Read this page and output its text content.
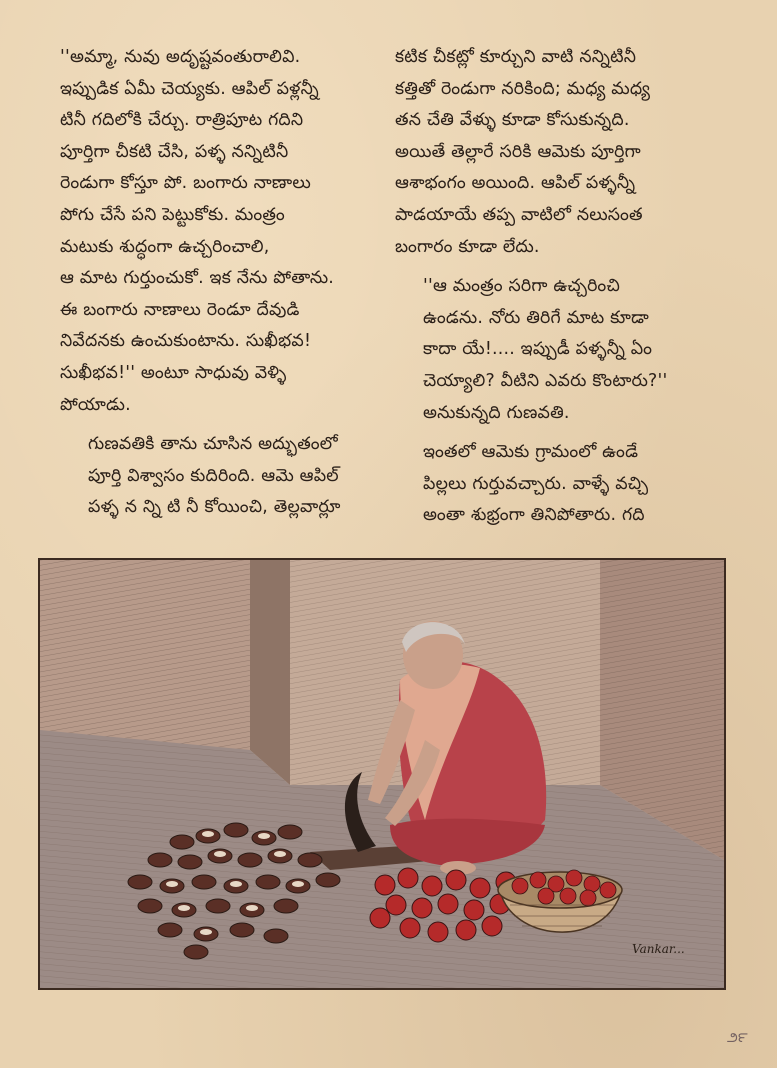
''అమ్మా, నువు అదృష్టవంతురాలివి.
ఇప్పుడిక ఏమీ చెయ్యకు. ఆపిల్ పళ్లన్నీ
టినీ గదిలోకి చేర్చు. రాత్రిపూట గదిని
పూర్తిగా చీకటి చేసి, పళ్ళ నన్నిటినీ
రెండుగా కోస్తూ పో. బంగారు నాణాలు
పోగు చేసే పని పెట్టుకోకు. మంత్రం
మటుకు శుద్ధంగా ఉచ్చరించాలి,
ఆ మాట గుర్తుంచుకో. ఇక నేను పోతాను.
ఈ బంగారు నాణాలు రెండూ దేవుడి
నివేదనకు ఉంచుకుంటాను. సుఖీభవ!
సుఖీభవ!'' అంటూ సాధువు వెళ్ళి
పోయాడు.
గుణవతికి తాను చూసిన అద్భుతంలో
పూర్తి విశ్వాసం కుదిరింది. ఆమె ఆపిల్
పళ్ళ న న్ని టి నీ కోయించి, తెల్లవార్లూ
కటిక చీకట్లో కూర్చుని వాటి నన్నిటినీ
కత్తితో రెండుగా నరికింది; మధ్య మధ్య
తన చేతి వేళ్ళు కూడా కోసుకున్నది.
అయితే తెల్లారే సరికి ఆమెకు పూర్తిగా
ఆశాభంగం అయింది. ఆపిల్ పళ్ళన్నీ
పాడయాయే తప్ప వాటిలో నలుసంత
బంగారం కూడా లేదు.
''ఆ మంత్రం సరిగా ఉచ్చరించి
ఉండను. నోరు తిరిగే మాట కూడా
కాదా యే!.... ఇప్పుడీ పళ్ళన్నీ ఏం
చెయ్యాలి? వీటిని ఎవరు కొంటారు?''
అనుకున్నది గుణవతి.
ఇంతలో ఆమెకు గ్రామంలో ఉండే
పిల్లలు గుర్తువచ్చారు. వాళ్ళే వచ్చి
అంతా శుభ్రంగా తినిపోతారు. గది
Vankar...
౨౯
